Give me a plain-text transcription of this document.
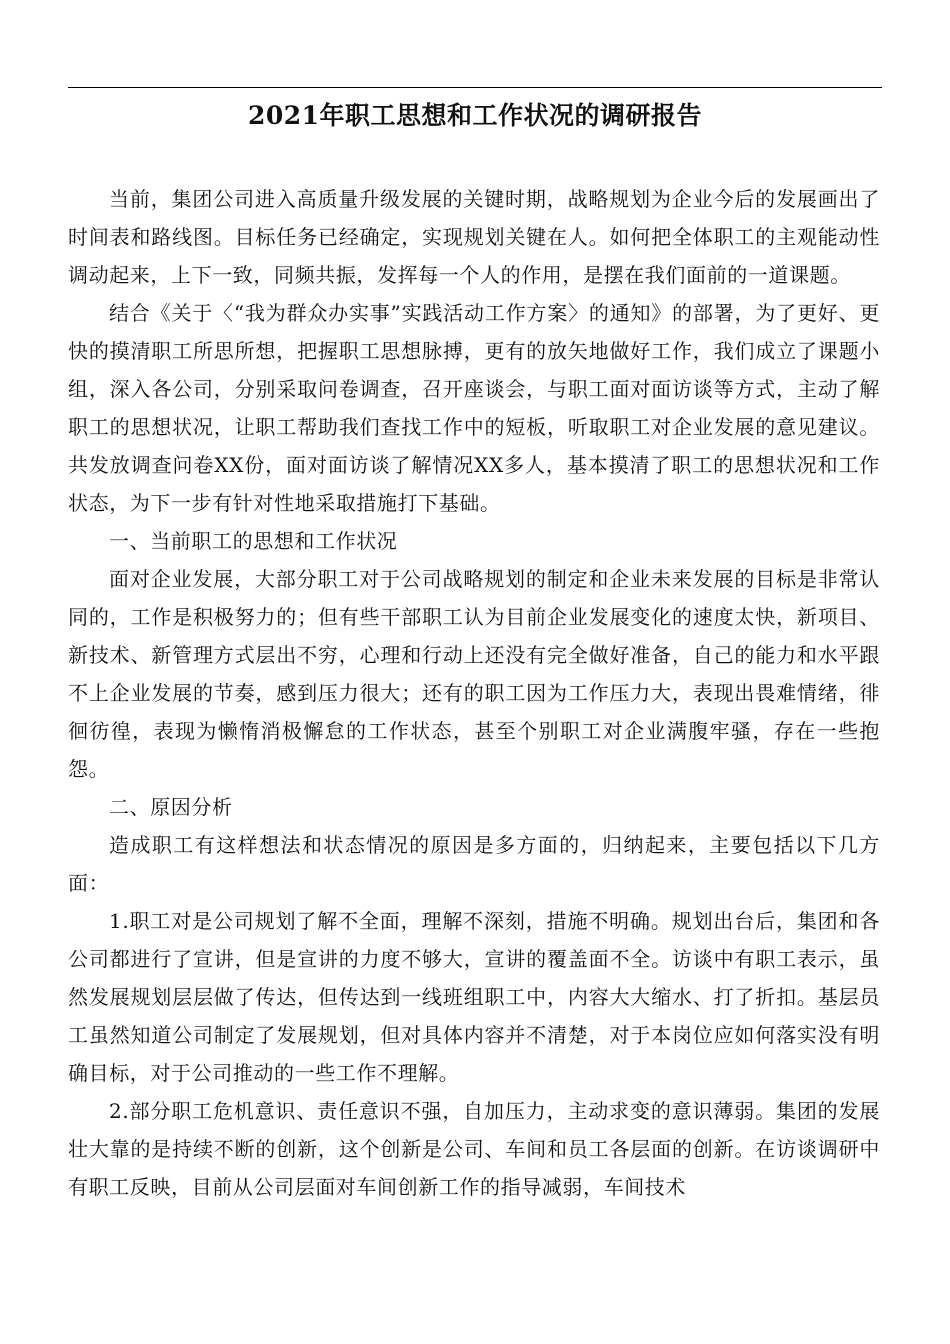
2021年职工思想和工作状况的调研报告

当前，集团公司进入高质量升级发展的关键时期，战略规划为企业今后的发展画出了时间表和路线图。目标任务已经确定，实现规划关键在人。如何把全体职工的主观能动性调动起来，上下一致，同频共振，发挥每一个人的作用，是摆在我们面前的一道课题。

结合《关于〈“我为群众办实事”实践活动工作方案〉的通知》的部署，为了更好、更快的摸清职工所思所想，把握职工思想脉搏，更有的放矢地做好工作，我们成立了课题小组，深入各公司，分别采取问卷调查，召开座谈会，与职工面对面访谈等方式，主动了解职工的思想状况，让职工帮助我们查找工作中的短板，听取职工对企业发展的意见建议。共发放调查问卷XX份，面对面访谈了解情况XX多人，基本摸清了职工的思想状况和工作状态，为下一步有针对性地采取措施打下基础。

一、当前职工的思想和工作状况

面对企业发展，大部分职工对于公司战略规划的制定和企业未来发展的目标是非常认同的，工作是积极努力的；但有些干部职工认为目前企业发展变化的速度太快，新项目、新技术、新管理方式层出不穷，心理和行动上还没有完全做好准备，自己的能力和水平跟不上企业发展的节奏，感到压力很大；还有的职工因为工作压力大，表现出畏难情绪，徘徊彷徨，表现为懒惰消极懈怠的工作状态，甚至个别职工对企业满腹牢骚，存在一些抱怨。

二、原因分析

造成职工有这样想法和状态情况的原因是多方面的，归纳起来，主要包括以下几方面：

1.职工对是公司规划了解不全面，理解不深刻，措施不明确。规划出台后，集团和各公司都进行了宣讲，但是宣讲的力度不够大，宣讲的覆盖面不全。访谈中有职工表示，虽然发展规划层层做了传达，但传达到一线班组职工中，内容大大缩水、打了折扣。基层员工虽然知道公司制定了发展规划，但对具体内容并不清楚，对于本岗位应如何落实没有明确目标，对于公司推动的一些工作不理解。

2.部分职工危机意识、责任意识不强，自加压力，主动求变的意识薄弱。集团的发展壮大靠的是持续不断的创新，这个创新是公司、车间和员工各层面的创新。在访谈调研中有职工反映，目前从公司层面对车间创新工作的指导减弱，车间技术
